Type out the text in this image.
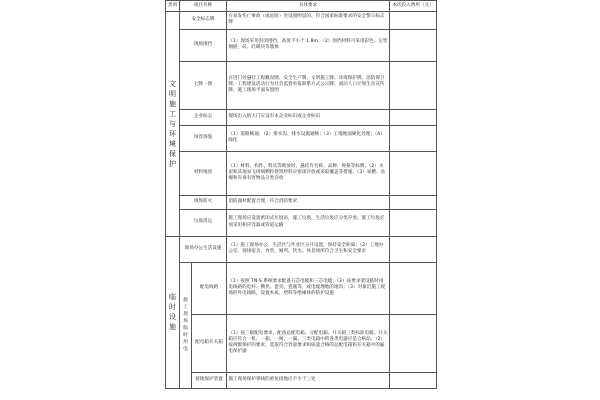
类别	项目名称		具体要求	本次投入费用（元）
文明施工与环境保护	安全标志牌		在易发伤亡事故（或危险）处设置明显的、符合国家标准要求的安全警示标志牌	
	现场围挡		（1）现场采用封闭围挡，高度不小于 1.8m；（2）围挡材料可采用彩色、定型钢板，砖、砼砌块等墙体	
	七牌一图		在进门处悬挂工程概况牌、安全生产牌、文明施工牌、环境保护牌、消防保卫牌、工程建设活动行为社会监督举报联系方式公示牌、流动人口计划生育宣传牌、施工现场平面布置图	
	企业标志		现场出入的大门应设有本企业标识或企业标识	
	场容场貌		（1）道路畅通；（2）排水沟、排水设施通畅；（3）工地地面硬化处理；（4）绿化	
	材料堆放		（1）材料、构件、料具等堆放时，悬挂有名称、品种、规格等标牌；（2）水泥和其他易飞扬细颗粒建筑材料应密闭存放或采取覆盖等措施；（3）易燃、易爆和有毒有害物品分类存放	
	现场防火		消防器材配置合理，符合消防要求	
	垃圾清运		施工现场应设置密闭式垃圾站，施工垃圾、生活垃圾应分类存放。施工垃圾必须采用相应容器或管道运输	
临时设施	现场办公生活设施		（1）施工现场办公、生活区与作业区分开设置，保持安全距离；（2）工地办公室、现场宿舍、食堂、厕所、饮水、休息场所符合卫生和安全要求	
	施工现场临时用电	配电线路	（1）按照 TN-S 系统要求配备五芯电缆和三芯电缆；（2）按要求架设临时用电线路的电杆、横担、瓷夹、瓷瓶等，或电缆埋地的地沟；（3）对靠近施工现场的外电线路，设置木质、塑料等绝缘体的防护设施	
		配电箱开关箱	（1）按三级配电要求，配备总配电箱、分配电箱、开关箱三类标准电箱。开关箱应符合一机、一箱、一闸、一漏。三类电箱中的各类电器应是合格品；（2）按两级保护的要求，选取符合容量要求和质量合格的总配电箱和开关箱中的漏电保护器	
		接地保护装置	施工现场保护零线的重复接地应不少于三处	
